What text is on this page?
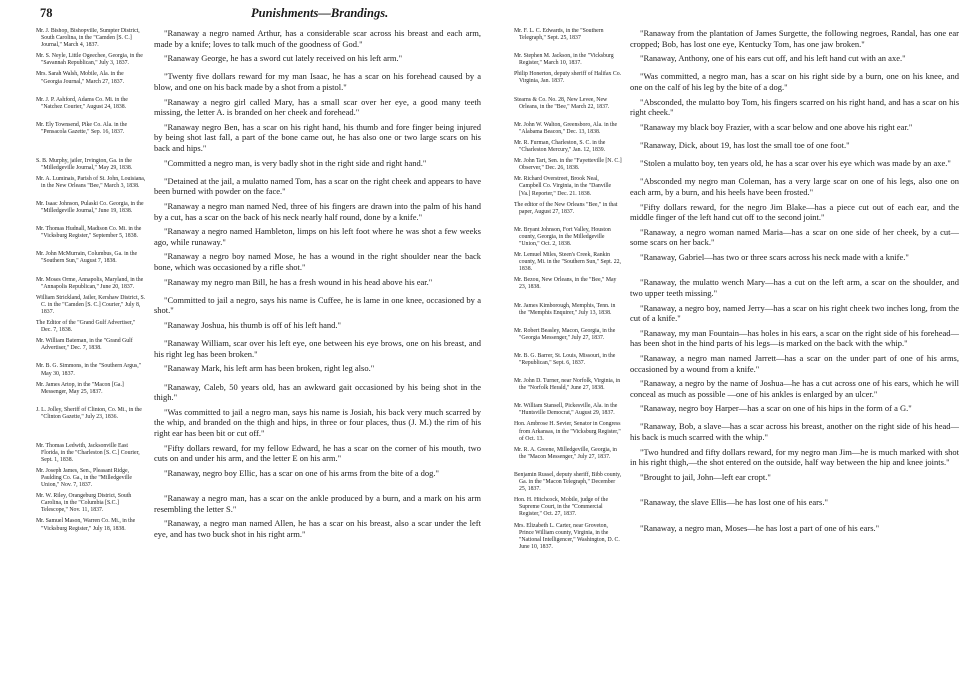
78	Punishments—Brandings.
Mr. J. Bishop, Bishopville, Sumpter District, South Carolina, in the "Camden [S. C.] Journal," March 4, 1837.

"Ranaway a negro named Arthur, has a considerable scar across his breast and each arm, made by a knife; loves to talk much of the goodness of God."

Mr. S. Neyle, Little Ogeechee, Georgia, in the "Savannah Republican," July 3, 1837.

"Ranaway George, he has a sword cut lately received on his left arm."

Mrs. Sarah Walsh, Mobile, Ala. in the "Georgia Journal," March 27, 1837.

"Twenty five dollars reward for my man Isaac, he has a scar on his forehead caused by a blow, and one on his back made by a shot from a pistol."

Mr. J. P. Ashford, Adams Co. Mi. in the "Natchez Courier," August 24, 1838.

"Ranaway a negro girl called Mary, has a small scar over her eye, a good many teeth missing, the letter A. is branded on her cheek and forehead."

Mr. Ely Townsend, Pike Co. Ala. in the "Pensacola Gazette," Sep. 16, 1837.

"Ranaway negro Ben, has a scar on his right hand, his thumb and fore finger being injured by being shot last fall, a part of the bone came out, he has also one or two large scars on his back and hips."

S. B. Murphy, jailer, Irvington, Ga. in the "Milledgeville Journal," May 29, 1838.

"Committed a negro man, is very badly shot in the right side and right hand."

Mr. A. Luminais, Parish of St. John, Louisiana, in the New Orleans "Bee," March 3, 1838.

"Detained at the jail, a mulatto named Tom, has a scar on the right cheek and appears to have been burned with powder on the face."

Mr. Isaac Johnson, Pulaski Co. Georgia, in the "Milledgeville Journal," June 19, 1838.

"Ranaway a negro man named Ned, three of his fingers are drawn into the palm of his hand by a cut, has a scar on the back of his neck nearly half round, done by a knife."

Mr. Thomas Hudnall, Madison Co. Mi. in the "Vicksburg Register," September 5, 1838.

"Ranaway a negro named Hambleton, limps on his left foot where he was shot a few weeks ago, while runaway."

Mr. John McMurrain, Columbus, Ga. in the "Southern Sun," August 7, 1838.

"Ranaway a negro boy named Mose, he has a wound in the right shoulder near the back bone, which was occasioned by a rifle shot."

Mr. Moses Orme, Annapolis, Maryland, in the "Annapolis Republican," June 20, 1837.

"Ranaway my negro man Bill, he has a fresh wound in his head above his ear."

William Strickland, Jailer, Kershaw District, S. C. in the "Camden [S. C.] Courier," July 8, 1837.

"Committed to jail a negro, says his name is Cuffee, he is lame in one knee, occasioned by a shot."

The Editor of the "Grand Gulf Advertiser," Dec. 7, 1838.

"Ranaway Joshua, his thumb is off of his left hand."

Mr. William Bateman, in the "Grand Gulf Advertiser," Dec. 7, 1838.

"Ranaway William, scar over his left eye, one between his eye brows, one on his breast, and his right leg has been broken."

Mr. B. G. Simmons, in the "Southern Argus," May 30, 1837.

"Ranaway Mark, his left arm has been broken, right leg also."

Mr. James Artop, in the "Macon [Ga.] Messenger, May 25, 1837.

"Ranaway, Caleb, 50 years old, has an awkward gait occasioned by his being shot in the thigh."

J. L. Jolley, Sheriff of Clinton, Co. Mi., in the "Clinton Gazette," July 23, 1836.

"Was committed to jail a negro man, says his name is Josiah, his back very much scarred by the whip, and branded on the thigh and hips, in three or four places, thus (J. M.) the rim of his right ear has been bit or cut off."

Mr. Thomas Ledwith, Jacksonville East Florida, in the "Charleston [S. C.] Courier, Sept. 1, 1838.

"Fifty dollars reward, for my fellow Edward, he has a scar on the corner of his mouth, two cuts on and under his arm, and the letter E on his arm."

Mr. Joseph James, Sen., Pleasant Ridge, Paulding Co. Ga., in the "Milledgeville Union," Nov. 7, 1837.

"Ranaway, negro boy Ellic, has a scar on one of his arms from the bite of a dog."

Mr. W. Riley, Orangeburg District, South Carolina, in the "Columbia [S.C.] Telescope," Nov. 11, 1837.

"Ranaway a negro man, has a scar on the ankle produced by a burn, and a mark on his arm resembling the letter S."

Mr. Samuel Mason, Warren Co. Mi., in the "Vicksburg Register," July 18, 1838.

"Ranaway, a negro man named Allen, he has a scar on his breast, also a scar under the left eye, and has two buck shot in his right arm."

Mr. F. L. C. Edwards, in the "Southern Telegraph," Sept. 25, 1837

"Ranaway from the plantation of James Surgette, the following negroes, Randal, has one ear cropped; Bob, has lost one eye, Kentucky Tom, has one jaw broken."

Mr. Stephen M. Jackson, in the "Vicksburg Register," March 10, 1837.

"Ranaway, Anthony, one of his ears cut off, and his left hand cut with an axe."

Philip Honerton, deputy sheriff of Halifax Co. Virginia, Jan. 1837.

"Was committed, a negro man, has a scar on his right side by a burn, one on his knee, and one on the calf of his leg by the bite of a dog."

Stearns & Co. No. 28, New Levee, New Orleans, in the "Bee," March 22, 1837.

"Absconded, the mulatto boy Tom, his fingers scarred on his right hand, and has a scar on his right cheek."

Mr. John W. Walton, Greensboro, Ala. in the "Alabama Beacon," Dec. 13, 1838.

"Ranaway my black boy Frazier, with a scar below and one above his right ear."

Mr. R. Furman, Charleston, S. C. in the "Charleston Mercury," Jan. 12, 1839.

"Ranaway, Dick, about 19, has lost the small toe of one foot."

Mr. John Tart, Sen. in the "Fayetteville [N. C.] Observer," Dec. 26, 1838.

"Stolen a mulatto boy, ten years old, he has a scar over his eye which was made by an axe."

Mr. Richard Overstreet, Brook Neal, Campbell Co. Virginia, in the "Danville [Va.] Reporter," Dec. 21. 1838.

"Absconded my negro man Coleman, has a very large scar on one of his legs, also one on each arm, by a burn, and his heels have been frosted."

The editor of the New Orleans "Bee," in that paper, August 27, 1837.

"Fifty dollars reward, for the negro Jim Blake—has a piece cut out of each ear, and the middle finger of the left hand cut off to the second joint."

Mr. Bryant Johnson, Fort Valley, Houston county, Georgia, in the Milledgeville "Union," Oct. 2, 1838.

"Ranaway, a negro woman named Maria—has a scar on one side of her cheek, by a cut—some scars on her back."

Mr. Lemuel Miles, Steen's Creek, Rankin county, Mi. in the "Southern Sun," Sept. 22, 1838.

"Ranaway, Gabriel—has two or three scars across his neck made with a knife."

Mr. Bezou, New Orleans, in the "Bee," May 23, 1838.

"Ranaway, the mulatto wench Mary—has a cut on the left arm, a scar on the shoulder, and two upper teeth missing."

Mr. James Kimborough, Memphis, Tenn. in the "Memphis Enquirer," July 13, 1838.

"Ranaway, a negro boy, named Jerry—has a scar on his right cheek two inches long, from the cut of a knife."

Mr. Robert Beasley, Macon, Georgia, in the "Georgia Messenger," July 27, 1837.

"Ranaway, my man Fountain—has holes in his ears, a scar on the right side of his forehead—has been shot in the hind parts of his legs—is marked on the back with the whip."

Mr. B. G. Barrer, St. Louis, Missouri, in the "Republican," Sept. 6, 1837.

"Ranaway, a negro man named Jarrett—has a scar on the under part of one of his arms, occasioned by a wound from a knife."

Mr. John D. Turner, near Norfolk, Virginia, in the "Norfolk Herald," June 27, 1838.

"Ranaway, a negro by the name of Joshua—he has a cut across one of his ears, which he will conceal as much as possible —one of his ankles is enlarged by an ulcer."

Mr. William Stansell, Pickesville, Ala. in the "Huntsville Democrat," August 29, 1837.

"Ranaway, negro boy Harper—has a scar on one of his hips in the form of a G."

Hon. Ambrose H. Sevier, Senator in Congress from Arkansas, in the "Vicksburg Register," of Oct. 13.

"Ranaway, Bob, a slave—has a scar across his breast, another on the right side of his head—his back is much scarred with the whip."

Mr. R. A. Greene, Milledgeville, Georgia, in the "Macon Messenger," July 27, 1837.

"Two hundred and fifty dollars reward, for my negro man Jim—he is much marked with shot in his right thigh,—the shot entered on the outside, half way between the hip and knee joints."

Benjamin Russel, deputy sheriff, Bibb county, Ga. in the "Macon Telegraph," December 25, 1837.

"Brought to jail, John—left ear cropt."

Hon. H. Hitchcock, Mobile, judge of the Supreme Court, in the "Commercial Register," Oct. 27, 1837.

"Ranaway, the slave Ellis—he has lost one of his ears."

Mrs. Elizabeth L. Carter, near Groveton, Prince William county, Virginia, in the "National Intelligencer," Washington, D. C. June 10, 1837.

"Ranaway, a negro man, Moses—he has lost a part of one of his ears."
